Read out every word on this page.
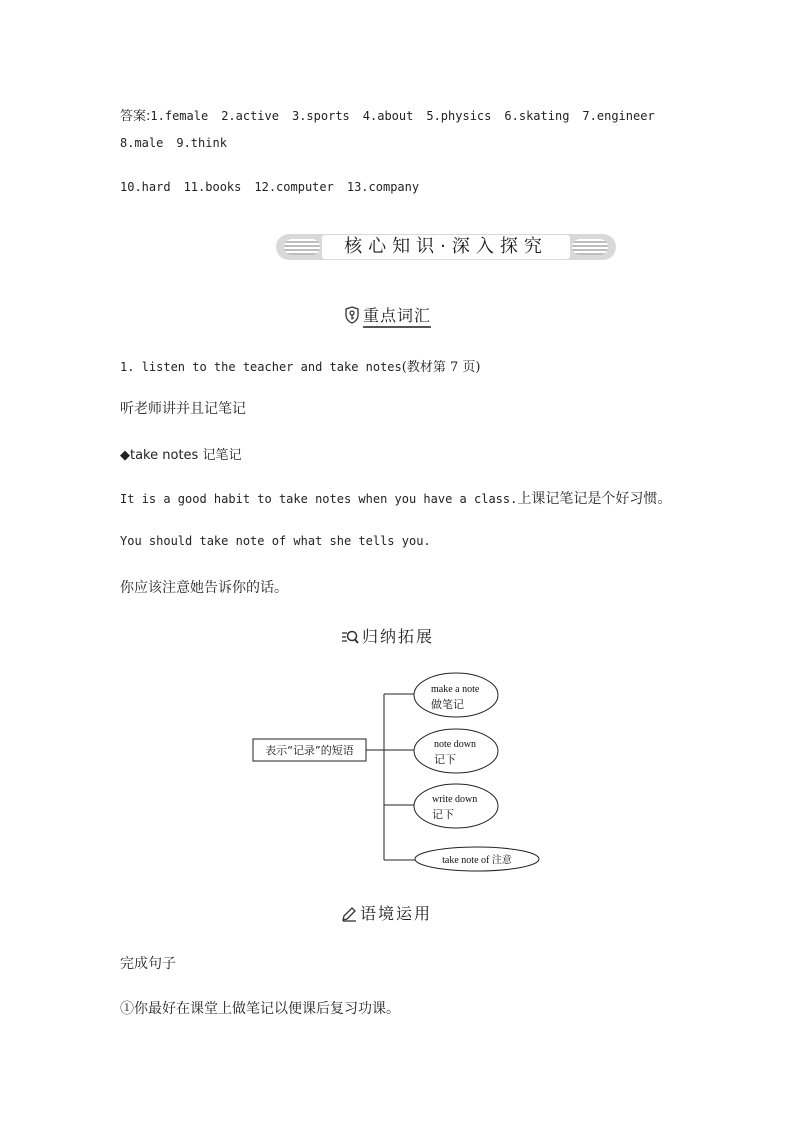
答案:1.female 2.active 3.sports 4.about 5.physics 6.skating 7.engineer
8.male 9.think
10.hard 11.books 12.computer 13.company
核心知识·深入探究
重点词汇
1. listen to the teacher and take notes(教材第 7 页)
听老师讲并且记笔记
◆take notes 记笔记
It is a good habit to take notes when you have a class.上课记笔记是个好习惯。
You should take note of what she tells you.
你应该注意她告诉你的话。
归纳拓展
表示“记录”的短语
make a note
做笔记
note down
记下
write down
记下
take note of 注意
语境运用
完成句子
①你最好在课堂上做笔记以便课后复习功课。
